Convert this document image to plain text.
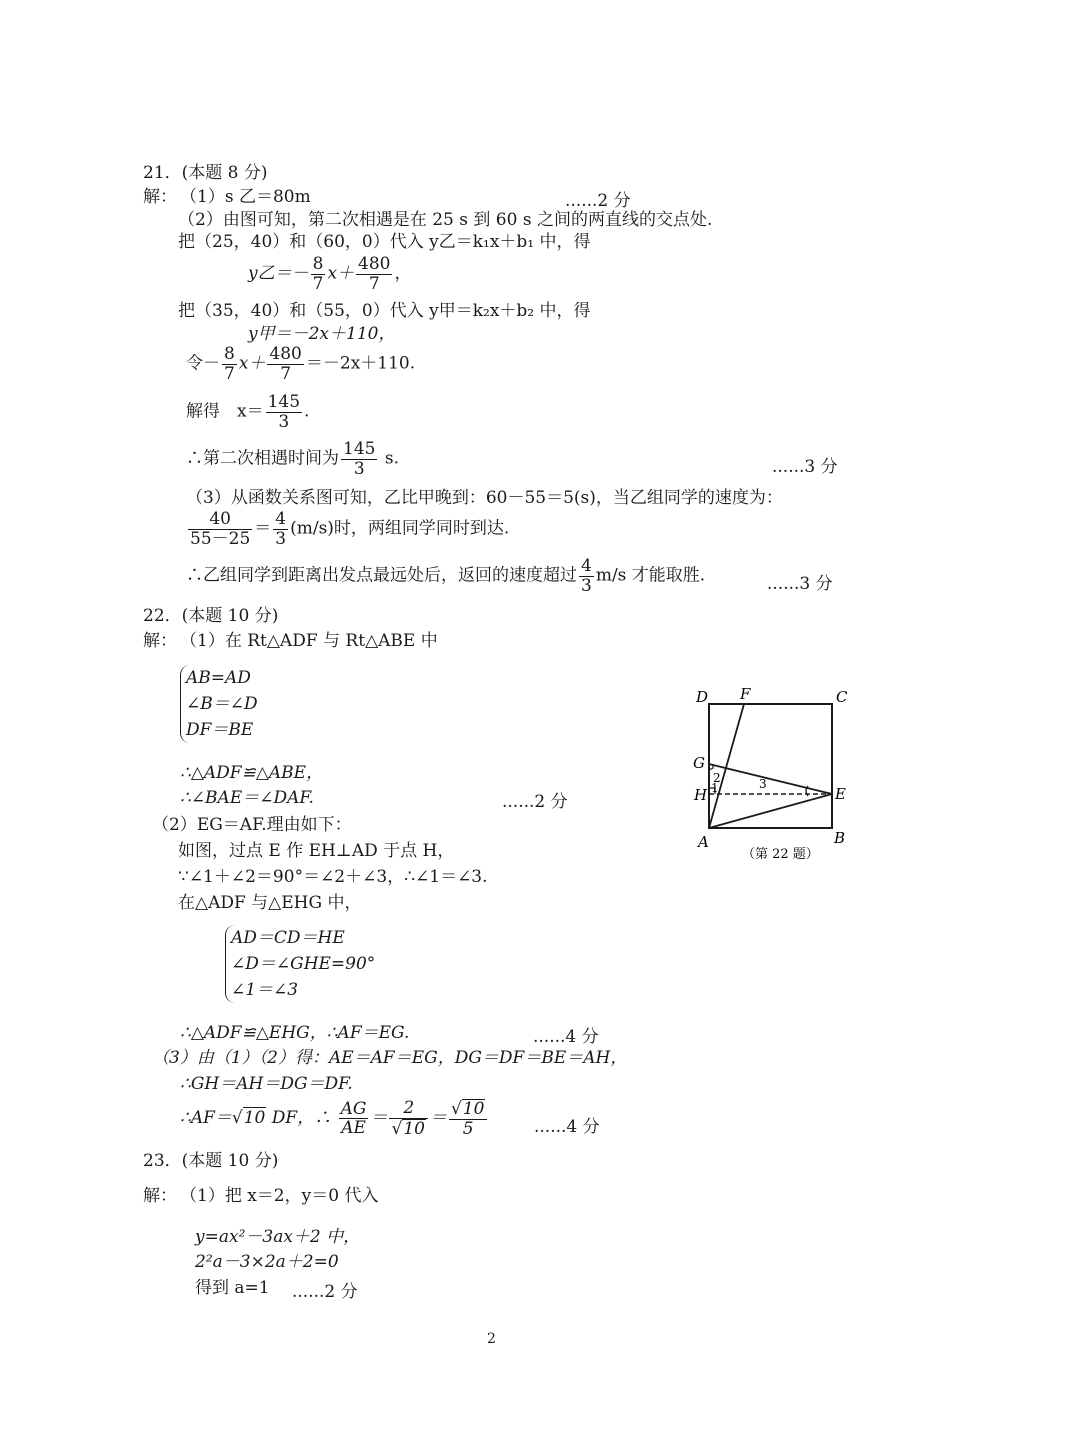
21．(本题 8 分)
解： （1）s 乙＝80m	......2 分
（2）由图可知，第二次相遇是在 25 s 到 60 s 之间的两直线的交点处.
把（25，40）和（60，0）代入 y乙＝k₁x＋b₁ 中，得
y乙＝－ $\frac{8}{7} x+ \frac{480}{7}$ ，
把（35，40）和（55，0）代入 y甲＝k₂x＋b₂ 中，得
y甲＝－2x＋110，
令－ $\frac{8}{7} x+ \frac{480}{7} =-2x+110$.
解得　$x= \frac{145}{3}$ .
∴第二次相遇时间为 $\frac{145}{3} s$.	......3 分
（3）从函数关系图可知，乙比甲晚到：60－55＝5(s)，当乙组同学的速度为：
$\frac{40}{55-25} = \frac{4}{3} (m/s)$时，两组同学同时到达.
∴乙组同学到距离出发点最远处后，返回的速度超过 $\frac{4}{3} m/s$ 才能取胜.	......3 分
22．(本题 10 分)
解： （1）在 Rt△ADF 与 Rt△ABE 中
AB=AD
∠B＝∠D
DF＝BE
∴△ADF≌△ABE，
∴∠BAE＝∠DAF.	......2 分
（2）EG＝AF.理由如下：
如图，过点 E 作 EH⊥AD 于点 H，
∵∠1＋∠2＝90°＝∠2＋∠3，∴∠1＝∠3.
在△ADF 与△EHG 中，
AD＝CD＝HE
∠D＝∠GHE=90°
∠1＝∠3
∴△ADF≌△EHG，∴AF＝EG.	......4 分
（3）由（1）（2）得：AE＝AF＝EG，DG＝DF＝BE＝AH，
∴GH＝AH＝DG＝DF.
∴AF＝ √ 10 DF，∴ $\frac{AG}{AE} = 2$
√ 10 ＝ √ $\frac{10}{5}$	......4 分
D F	C
G
H	E
A	B
1
2	3
（第 22 题）
23．(本题 10 分)
解： （1）把 x＝2，y＝0 代入
y=ax²－3ax＋2 中，
2²a－3×2a＋2=0
得到 a=1 ......2 分
2
